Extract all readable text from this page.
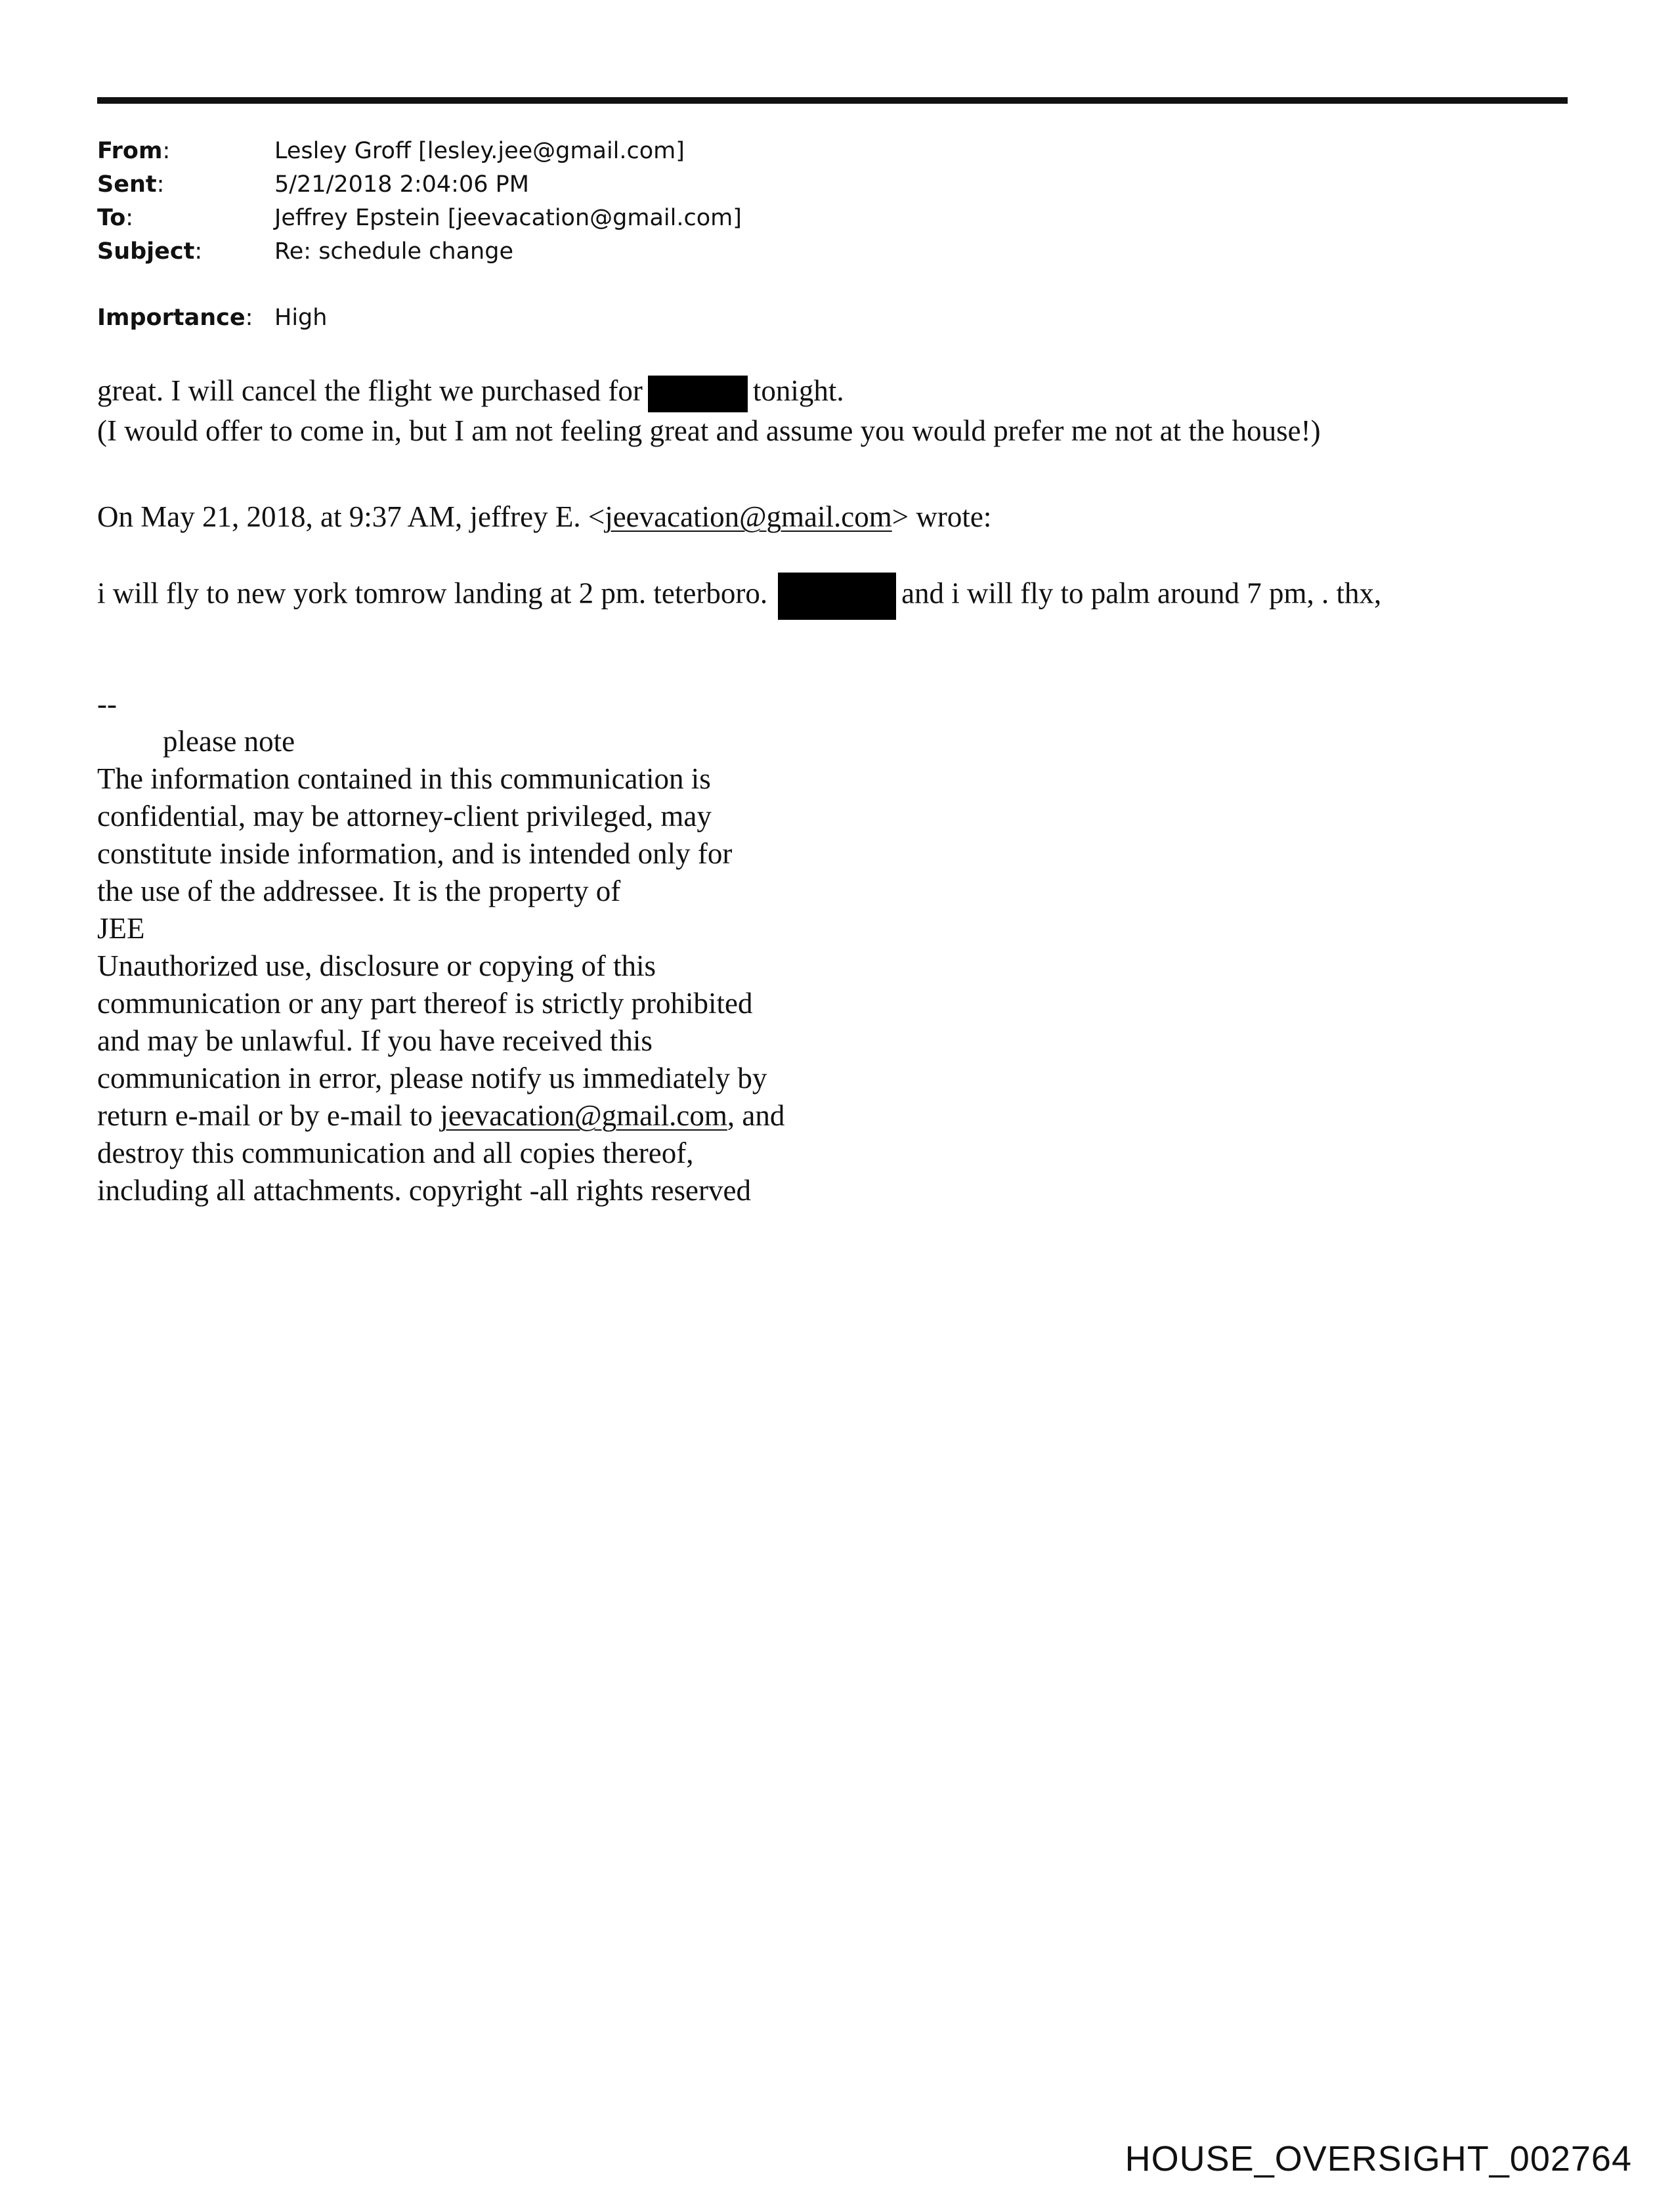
From:	Lesley Groff [lesley.jee@gmail.com]
Sent:	5/21/2018 2:04:06 PM
To:	Jeffrey Epstein [jeevacation@gmail.com]
Subject:	Re: schedule change
Importance: High
great. I will cancel the flight we purchased for	tonight.
(I would offer to come in, but I am not feeling great and assume you would prefer me not at the house!)
On May 21, 2018, at 9:37 AM, jeffrey E. <jeevacation@gmail.com> wrote:
i will fly to new york tomrow landing at 2 pm. teterboro.	and i will fly to palm around 7 pm, . thx,
--
please note
The information contained in this communication is
confidential, may be attorney-client privileged, may
constitute inside information, and is intended only for
the use of the addressee. It is the property of
JEE
Unauthorized use, disclosure or copying of this
communication or any part thereof is strictly prohibited
and may be unlawful. If you have received this
communication in error, please notify us immediately by
return e-mail or by e-mail to jeevacation@gmail.com, and
destroy this communication and all copies thereof,
including all attachments. copyright -all rights reserved
HOUSE_OVERSIGHT_002764
